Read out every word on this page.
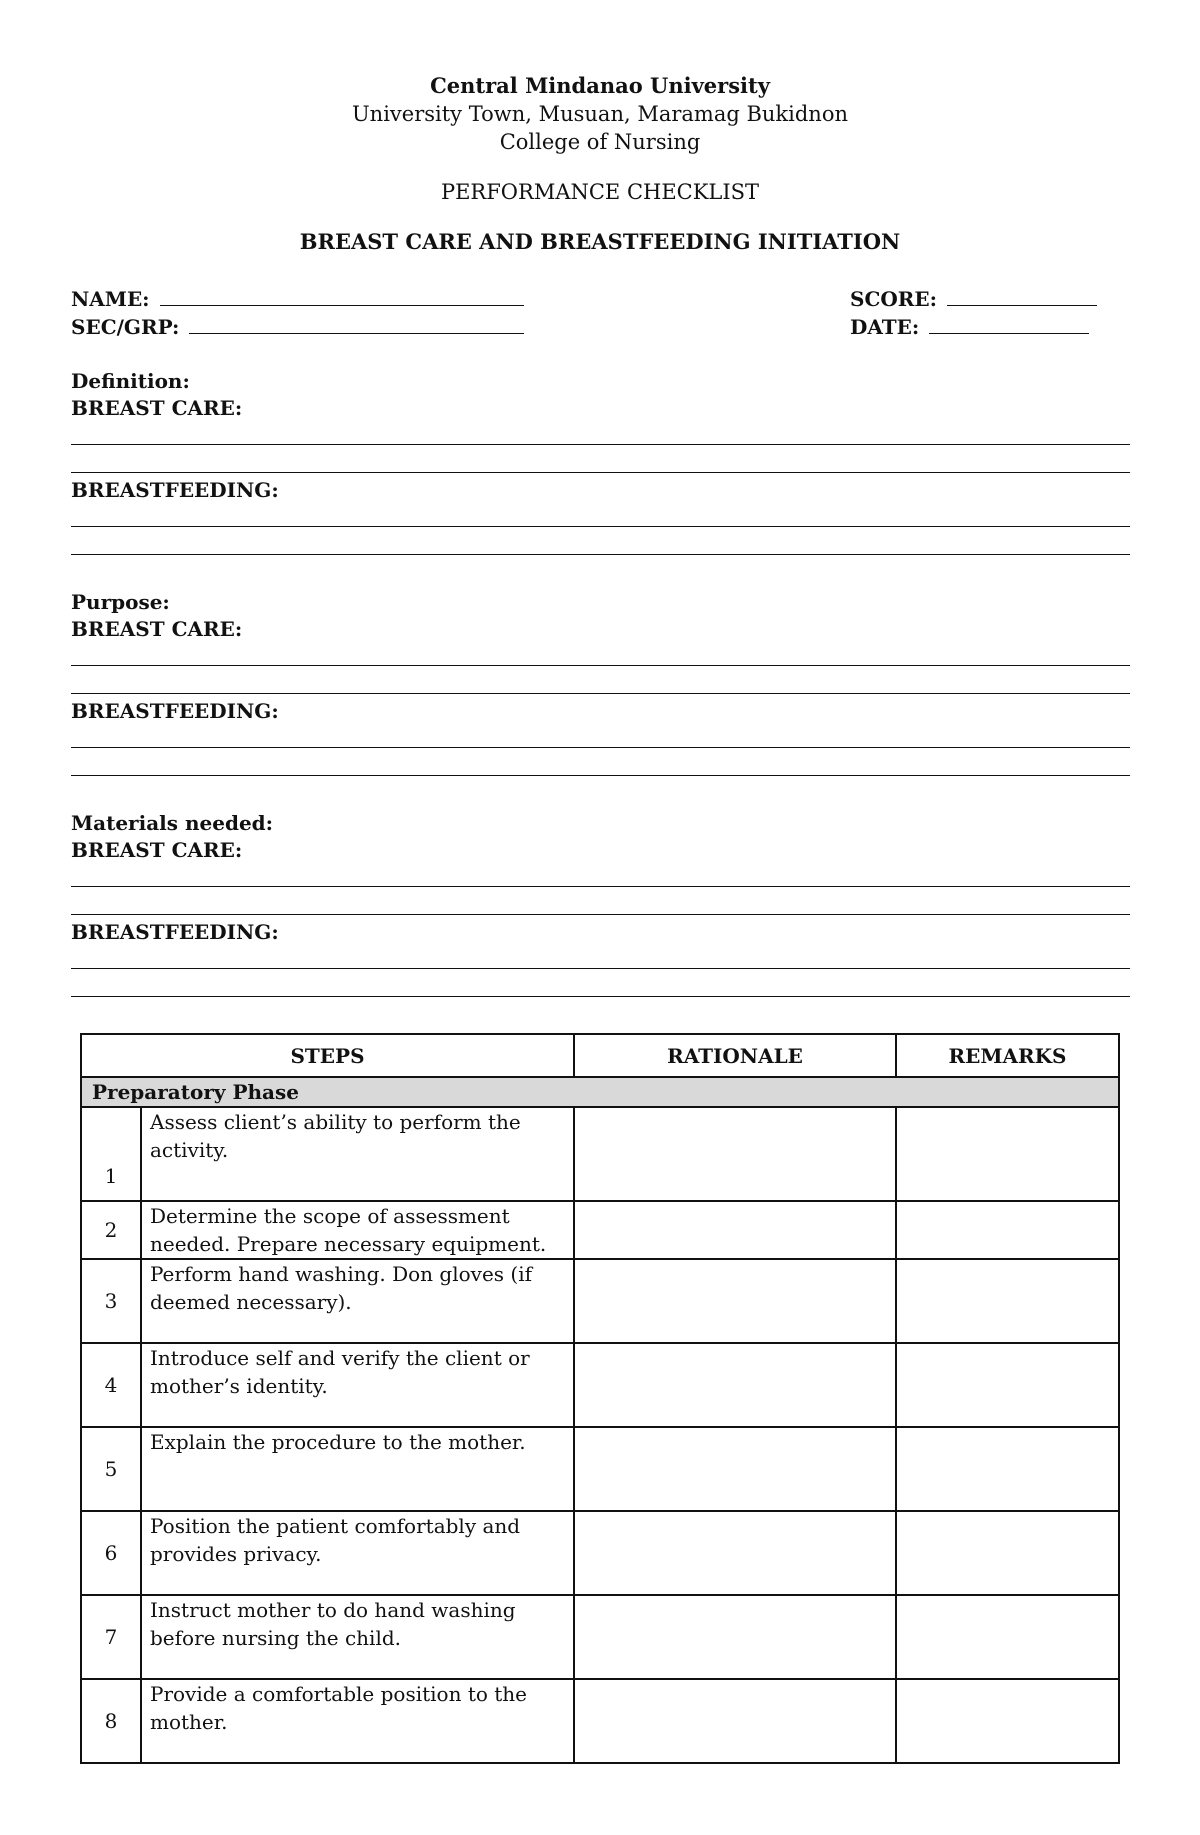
Central Mindanao University
University Town, Musuan, Maramag Bukidnon
College of Nursing
PERFORMANCE CHECKLIST
BREAST CARE AND BREASTFEEDING INITIATION
NAME:
SEC/GRP:
SCORE:
DATE:
Definition:
BREAST CARE:
BREASTFEEDING:
Purpose:
BREAST CARE:
BREASTFEEDING:
Materials needed:
BREAST CARE:
BREASTFEEDING:
STEPS		RATIONALE	REMARKS
Preparatory Phase			
1	Assess client’s ability to perform the activity.		
2	Determine the scope of assessment needed. Prepare necessary equipment.		
3	Perform hand washing. Don gloves (if deemed necessary).		
4	Introduce self and verify the client or mother’s identity.		
5	Explain the procedure to the mother.		
6	Position the patient comfortably and provides privacy.		
7	Instruct mother to do hand washing before nursing the child.		
8	Provide a comfortable position to the mother.		
